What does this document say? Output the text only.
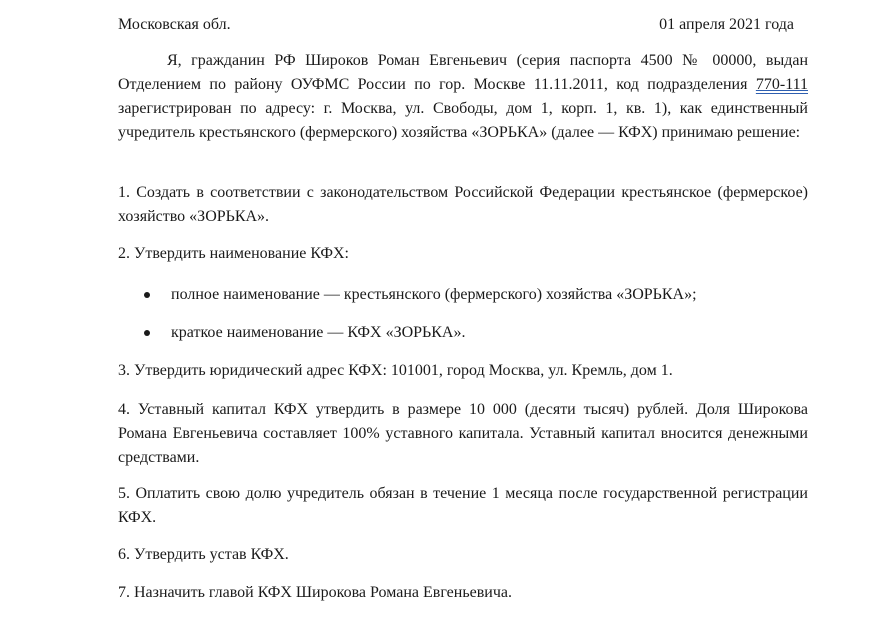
Московская обл.	01 апреля 2021 года

Я, гражданин РФ Широков Роман Евгеньевич (серия паспорта 4500 № 00000, выдан Отделением по району ОУФМС России по гор. Москве 11.11.2011, код подразделения 770-111 зарегистрирован по адресу: г. Москва, ул. Свободы, дом 1, корп. 1, кв. 1), как единственный учредитель крестьянского (фермерского) хозяйства «ЗОРЬКА» (далее — КФХ) принимаю решение:

1. Создать в соответствии с законодательством Российской Федерации крестьянское (фермерское) хозяйство «ЗОРЬКА».

2. Утвердить наименование КФХ:

полное наименование — крестьянского (фермерского) хозяйства «ЗОРЬКА»;
краткое наименование — КФХ «ЗОРЬКА».

3. Утвердить юридический адрес КФХ: 101001, город Москва, ул. Кремль, дом 1.

4. Уставный капитал КФХ утвердить в размере 10 000 (десяти тысяч) рублей. Доля Широкова Романа Евгеньевича составляет 100% уставного капитала. Уставный капитал вносится денежными средствами.

5. Оплатить свою долю учредитель обязан в течение 1 месяца после государственной регистрации КФХ.

6. Утвердить устав КФХ.

7. Назначить главой КФХ Широкова Романа Евгеньевича.
